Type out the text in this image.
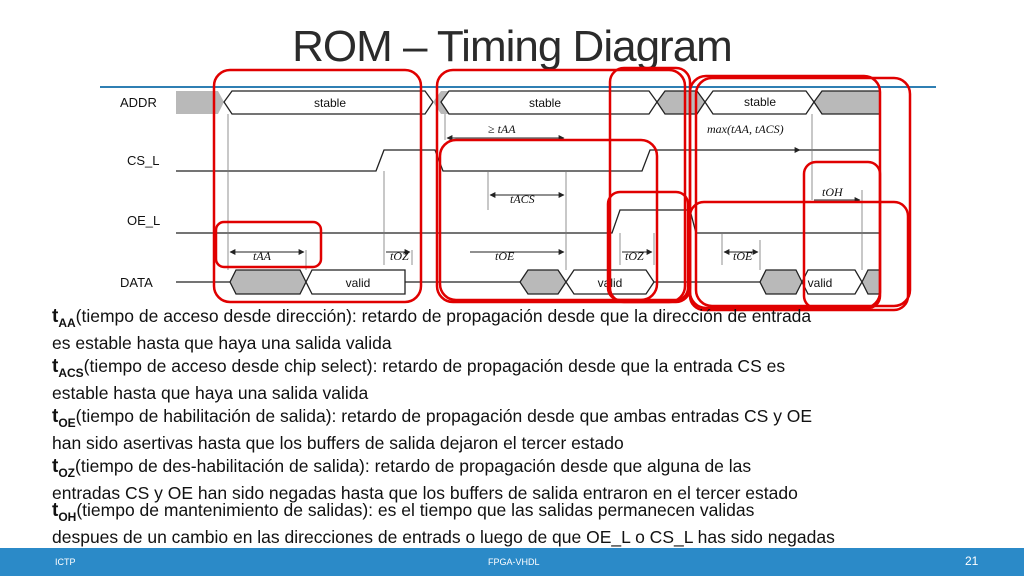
ROM – Timing Diagram
ADDR
CS_L
OE_L
DATA
stable	stable	stable
valid	valid	valid
tAA	tOZ
≥ tAA
tACS
tOE	tOZ	tOE
max(tAA, tACS)
tOH
$t_{AA}(tiempo$ de acceso desde dirección): retardo de propagación desde que la dirección de entrada
es estable hasta que haya una salida valida
$t_{ACS}(tiempo$ de acceso desde chip select): retardo de propagación desde que la entrada CS es
estable hasta que haya una salida valida
$t_{OE}(tiempo$ de habilitación de salida): retardo de propagación desde que ambas entradas CS y OE
han sido asertivas hasta que los buffers de salida dejaron el tercer estado
$t_{OZ}(tiempo$ de des-habilitación de salida): retardo de propagación desde que alguna de las
entradas CS y OE han sido negadas hasta que los buffers de salida entraron en el tercer estado
$t_{OH}(tiempo$ de mantenimiento de salidas): es el tiempo que las salidas permanecen validas
despues de un cambio en las direcciones de entrads o luego de que OE_L o CS_L has sido negadas
ICTP	FPGA-VHDL	21
